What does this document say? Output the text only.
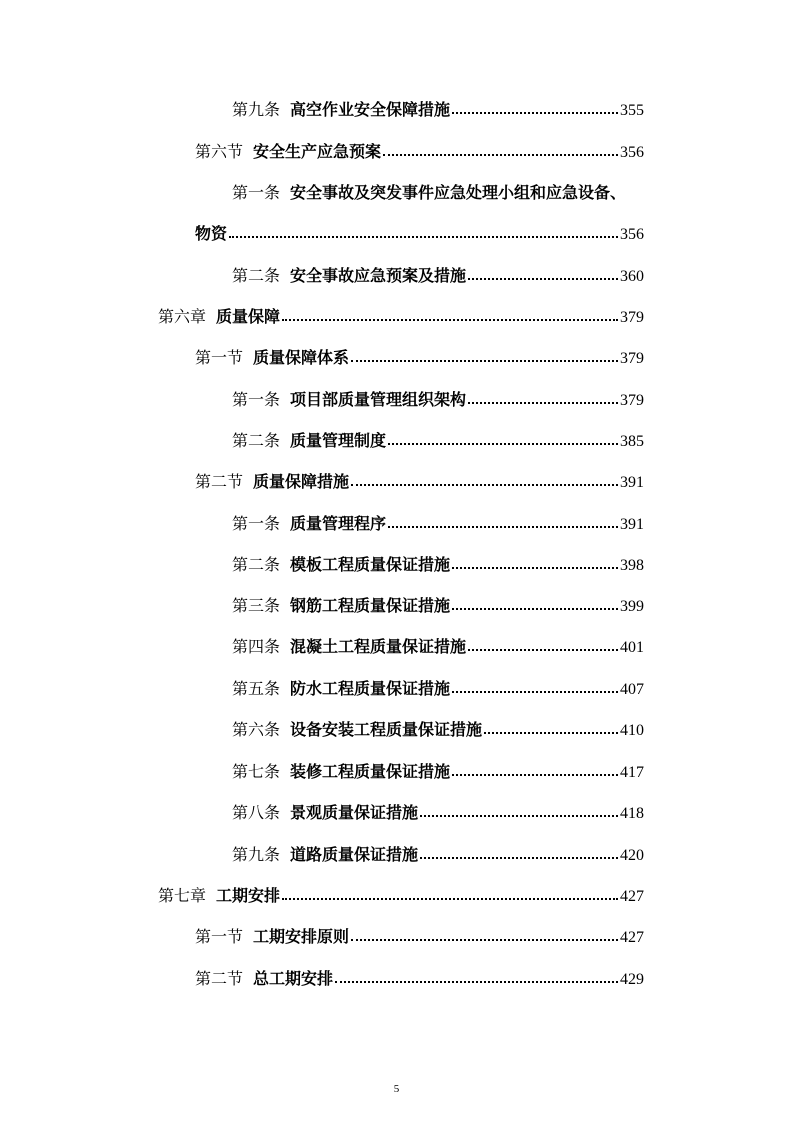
第九条 高空作业安全保障措施	355
第六节 安全生产应急预案	356
第一条 安全事故及突发事件应急处理小组和应急设备、
物资	356
第二条 安全事故应急预案及措施	360
第六章 质量保障	379
第一节 质量保障体系	379
第一条 项目部质量管理组织架构	379
第二条 质量管理制度	385
第二节 质量保障措施	391
第一条 质量管理程序	391
第二条 模板工程质量保证措施	398
第三条 钢筋工程质量保证措施	399
第四条 混凝土工程质量保证措施	401
第五条 防水工程质量保证措施	407
第六条 设备安装工程质量保证措施	410
第七条 装修工程质量保证措施	417
第八条 景观质量保证措施	418
第九条 道路质量保证措施	420
第七章 工期安排	427
第一节 工期安排原则	427
第二节 总工期安排	429
5
